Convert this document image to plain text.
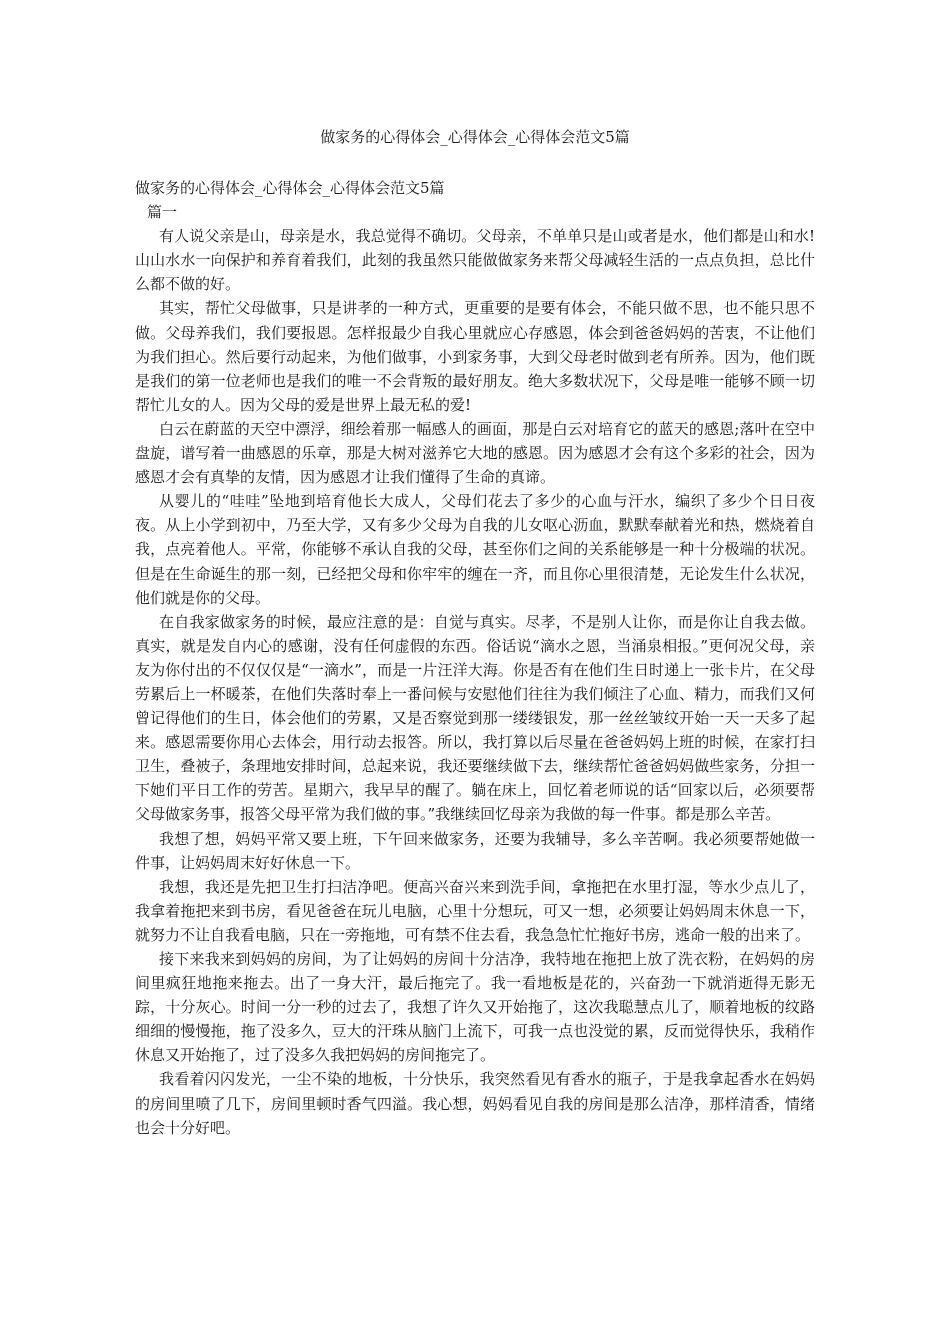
做家务的心得体会_心得体会_心得体会范文5篇

做家务的心得体会_心得体会_心得体会范文5篇

篇一

有人说父亲是山，母亲是水，我总觉得不确切。父母亲，不单单只是山或者是水，他们都是山和水!山山水水一向保护和养育着我们，此刻的我虽然只能做做家务来帮父母减轻生活的一点点负担，总比什么都不做的好。

其实，帮忙父母做事，只是讲孝的一种方式，更重要的是要有体会，不能只做不思，也不能只思不做。父母养我们，我们要报恩。怎样报最少自我心里就应心存感恩，体会到爸爸妈妈的苦衷，不让他们为我们担心。然后要行动起来，为他们做事，小到家务事，大到父母老时做到老有所养。因为，他们既是我们的第一位老师也是我们的唯一不会背叛的最好朋友。绝大多数状况下，父母是唯一能够不顾一切帮忙儿女的人。因为父母的爱是世界上最无私的爱!

白云在蔚蓝的天空中漂浮，细绘着那一幅感人的画面，那是白云对培育它的蓝天的感恩;落叶在空中盘旋，谱写着一曲感恩的乐章，那是大树对滋养它大地的感恩。因为感恩才会有这个多彩的社会，因为感恩才会有真挚的友情，因为感恩才让我们懂得了生命的真谛。

从婴儿的“哇哇”坠地到培育他长大成人，父母们花去了多少的心血与汗水，编织了多少个日日夜夜。从上小学到初中，乃至大学，又有多少父母为自我的儿女呕心沥血，默默奉献着光和热，燃烧着自我，点亮着他人。平常，你能够不承认自我的父母，甚至你们之间的关系能够是一种十分极端的状况。但是在生命诞生的那一刻，已经把父母和你牢牢的缠在一齐，而且你心里很清楚，无论发生什么状况，他们就是你的父母。

在自我家做家务的时候，最应注意的是：自觉与真实。尽孝，不是别人让你，而是你让自我去做。真实，就是发自内心的感谢，没有任何虚假的东西。俗话说“滴水之恩，当涌泉相报。”更何况父母，亲友为你付出的不仅仅仅是“一滴水”，而是一片汪洋大海。你是否有在他们生日时递上一张卡片，在父母劳累后上一杯暖茶，在他们失落时奉上一番问候与安慰他们往往为我们倾注了心血、精力，而我们又何曾记得他们的生日，体会他们的劳累，又是否察觉到那一缕缕银发，那一丝丝皱纹开始一天一天多了起来。感恩需要你用心去体会，用行动去报答。所以，我打算以后尽量在爸爸妈妈上班的时候，在家打扫卫生，叠被子，条理地安排时间，总起来说，我还要继续做下去，继续帮忙爸爸妈妈做些家务，分担一下她们平日工作的劳苦。星期六，我早早的醒了。躺在床上，回忆着老师说的话“回家以后，必须要帮父母做家务事，报答父母平常为我们做的事。”我继续回忆母亲为我做的每一件事。都是那么辛苦。

我想了想，妈妈平常又要上班，下午回来做家务，还要为我辅导，多么辛苦啊。我必须要帮她做一件事，让妈妈周末好好休息一下。

我想，我还是先把卫生打扫洁净吧。便高兴奋兴来到洗手间，拿拖把在水里打湿，等水少点儿了，我拿着拖把来到书房，看见爸爸在玩儿电脑，心里十分想玩，可又一想，必须要让妈妈周末休息一下，就努力不让自我看电脑，只在一旁拖地，可有禁不住去看，我急急忙忙拖好书房，逃命一般的出来了。

接下来我来到妈妈的房间，为了让妈妈的房间十分洁净，我特地在拖把上放了洗衣粉，在妈妈的房间里疯狂地拖来拖去。出了一身大汗，最后拖完了。我一看地板是花的，兴奋劲一下就消逝得无影无踪，十分灰心。时间一分一秒的过去了，我想了许久又开始拖了，这次我聪慧点儿了，顺着地板的纹路细细的慢慢拖，拖了没多久，豆大的汗珠从脑门上流下，可我一点也没觉的累，反而觉得快乐，我稍作休息又开始拖了，过了没多久我把妈妈的房间拖完了。

我看着闪闪发光，一尘不染的地板，十分快乐，我突然看见有香水的瓶子，于是我拿起香水在妈妈的房间里喷了几下，房间里顿时香气四溢。我心想，妈妈看见自我的房间是那么洁净，那样清香，情绪也会十分好吧。
